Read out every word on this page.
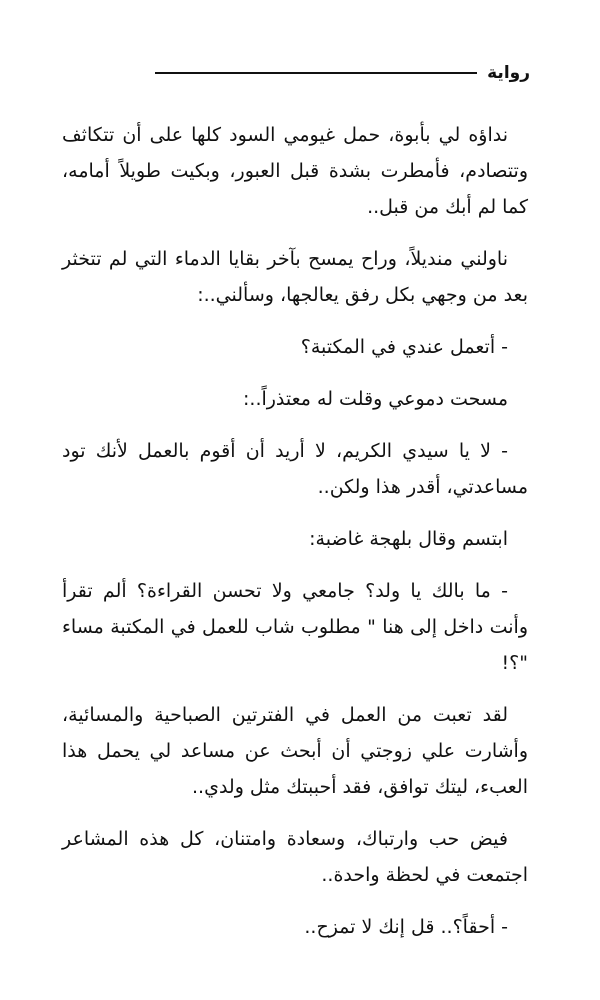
رواية

نداؤه لي بأبوة، حمل غيومي السود كلها على أن تتكاثف وتتصادم، فأمطرت بشدة قبل العبور، وبكيت طويلاً أمامه، كما لم أبك من قبل..

ناولني منديلاً، وراح يمسح بآخر بقايا الدماء التي لم تتخثر بعد من وجهي بكل رفق يعالجها، وسألني..:

- أتعمل عندي في المكتبة؟

مسحت دموعي وقلت له معتذراً..:

- لا يا سيدي الكريم، لا أريد أن أقوم بالعمل لأنك تود مساعدتي، أقدر هذا ولكن..

ابتسم وقال بلهجة غاضبة:

- ما بالك يا ولد؟ جامعي ولا تحسن القراءة؟ ألم تقرأ وأنت داخل إلى هنا " مطلوب شاب للعمل في المكتبة مساء "؟!

لقد تعبت من العمل في الفترتين الصباحية والمسائية، وأشارت علي زوجتي أن أبحث عن مساعد لي يحمل هذا العبء، ليتك توافق، فقد أحببتك مثل ولدي..

فيض حب وارتباك، وسعادة وامتنان، كل هذه المشاعر اجتمعت في لحظة واحدة..

- أحقاً؟.. قل إنك لا تمزح..
